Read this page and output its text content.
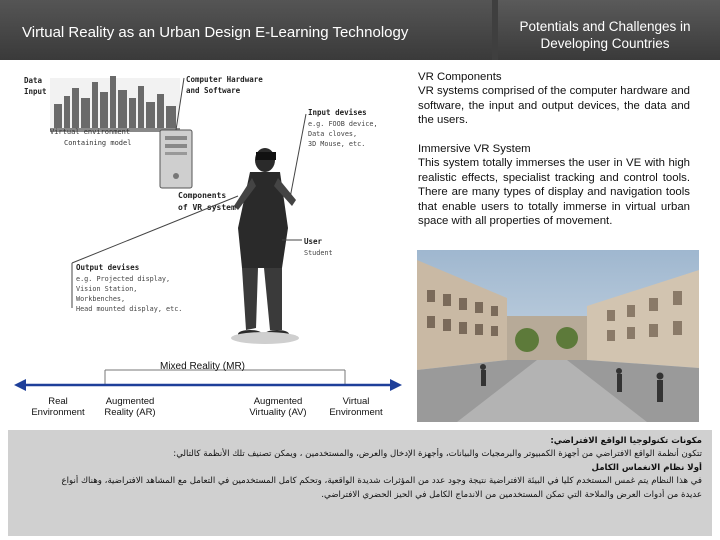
Virtual Reality as an Urban Design E-Learning Technology	Potentials and Challenges in Developing Countries
Data
Input
Virtual environment
Containing model
Computer Hardware
and Software
Input devises
e.g. FOOB device,
Data cloves,
3D Mouse, etc.
Components
of VR system
User
Student
Output devises
e.g. Projected display,
Vision Station,
Workbenches,
Head mounted display, etc.
VR Components

VR systems comprised of the computer hardware and software, the input and output devices, the data and the users.

Immersive VR System

This system totally immerses the user in VE with high realistic effects, specialist tracking and control tools. There are many types of display and navigation tools that enable users to totally immerse in virtual urban space with all properties of movement.

Mixed Reality (MR)
Real
Environment
Augmented
Reality (AR)
Augmented
Virtuality (AV)
Virtual
Environment

مكونات تكنولوجيا الواقع الافتراضي:

تتكون أنظمة الواقع الافتراضي من أجهزة الكمبيوتر والبرمجيات والبيانات، وأجهزة الإدخال والعرض، والمستخدمين ، ويمكن تصنيف تلك الأنظمة كالتالي:

أولا نظام الانغماس الكامل

في هذا النظام يتم غمس المستخدم كليا في البيئة الافتراضية نتيجة وجود عدد من المؤثرات شديدة الواقعية، وتحكم كامل المستخدمين في التعامل مع المشاهد الافتراضية، وهناك أنواع

عديدة من أدوات العرض والملاحة التي تمكن المستخدمين من الاندماج الكامل في الحيز الحضري الافتراضي.
